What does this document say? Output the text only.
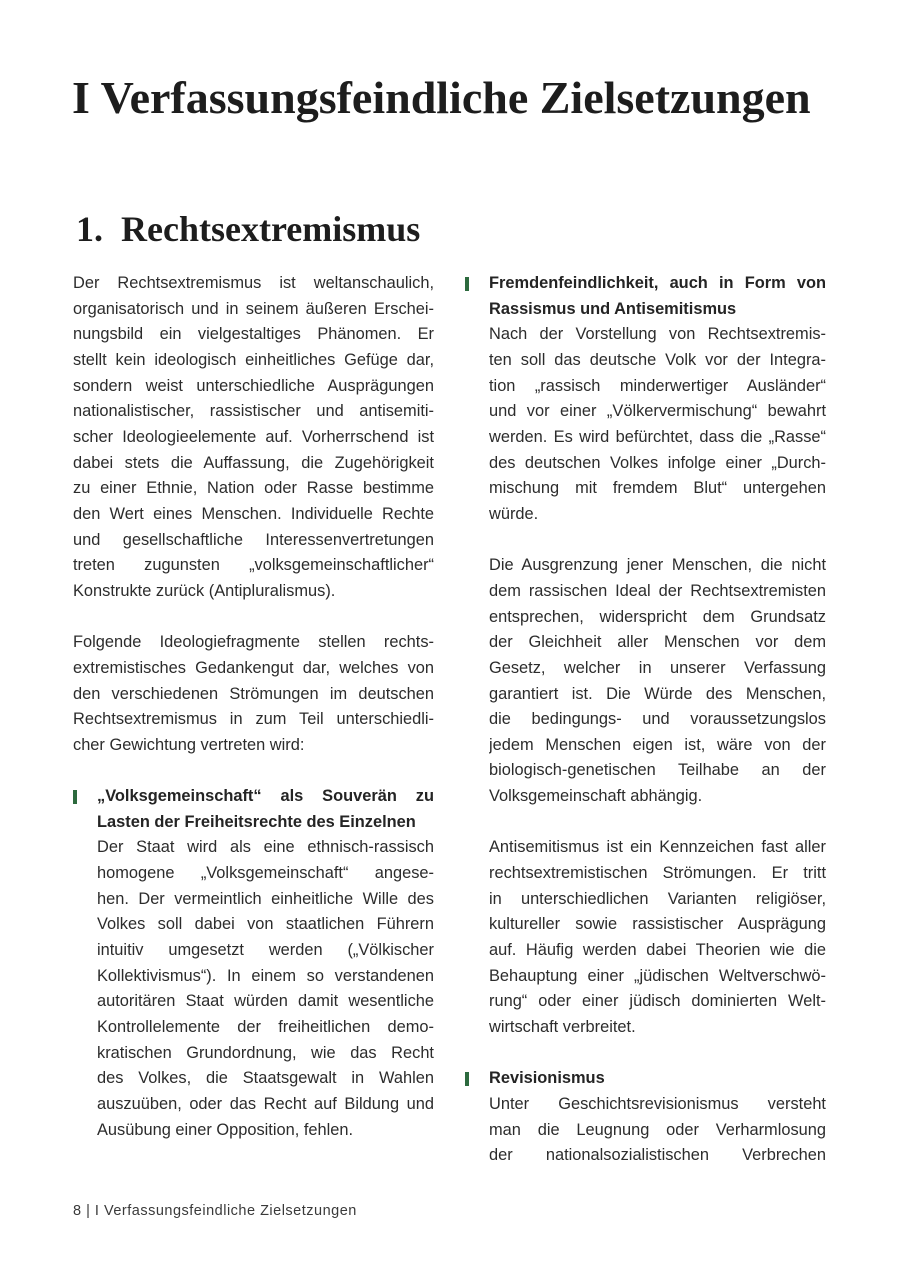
I Verfassungsfeindliche Zielsetzungen
1. Rechtsextremismus
Der Rechtsextremismus ist weltanschaulich,
organisatorisch und in seinem äußeren Erschei-
nungsbild ein vielgestaltiges Phänomen. Er
stellt kein ideologisch einheitliches Gefüge dar,
sondern weist unterschiedliche Ausprägungen
nationalistischer, rassistischer und antisemiti-
scher Ideologieelemente auf. Vorherrschend ist
dabei stets die Auffassung, die Zugehörigkeit
zu einer Ethnie, Nation oder Rasse bestimme
den Wert eines Menschen. Individuelle Rechte
und gesellschaftliche Interessenvertretungen
treten zugunsten „volksgemeinschaftlicher“
Konstrukte zurück (Antipluralismus).
Folgende Ideologiefragmente stellen rechts-
extremistisches Gedankengut dar, welches von
den verschiedenen Strömungen im deutschen
Rechtsextremismus in zum Teil unterschiedli-
cher Gewichtung vertreten wird:
„Volksgemeinschaft“ als Souverän zu
Lasten der Freiheitsrechte des Einzelnen
Der Staat wird als eine ethnisch-rassisch
homogene „Volksgemeinschaft“ angese-
hen. Der vermeintlich einheitliche Wille des
Volkes soll dabei von staatlichen Führern
intuitiv umgesetzt werden („Völkischer
Kollektivismus“). In einem so verstandenen
autoritären Staat würden damit wesentliche
Kontrollelemente der freiheitlichen demo-
kratischen Grundordnung, wie das Recht
des Volkes, die Staatsgewalt in Wahlen
auszuüben, oder das Recht auf Bildung und
Ausübung einer Opposition, fehlen.
Fremdenfeindlichkeit, auch in Form von
Rassismus und Antisemitismus
Nach der Vorstellung von Rechtsextremis-
ten soll das deutsche Volk vor der Integra-
tion „rassisch minderwertiger Ausländer“
und vor einer „Völkervermischung“ bewahrt
werden. Es wird befürchtet, dass die „Rasse“
des deutschen Volkes infolge einer „Durch-
mischung mit fremdem Blut“ untergehen
würde.
Die Ausgrenzung jener Menschen, die nicht
dem rassischen Ideal der Rechtsextremisten
entsprechen, widerspricht dem Grundsatz
der Gleichheit aller Menschen vor dem
Gesetz, welcher in unserer Verfassung
garantiert ist. Die Würde des Menschen,
die bedingungs- und voraussetzungslos
jedem Menschen eigen ist, wäre von der
biologisch-genetischen Teilhabe an der
Volksgemeinschaft abhängig.
Antisemitismus ist ein Kennzeichen fast aller
rechtsextremistischen Strömungen. Er tritt
in unterschiedlichen Varianten religiöser,
kultureller sowie rassistischer Ausprägung
auf. Häufig werden dabei Theorien wie die
Behauptung einer „jüdischen Weltverschwö-
rung“ oder einer jüdisch dominierten Welt-
wirtschaft verbreitet.
Revisionismus
Unter Geschichtsrevisionismus versteht
man die Leugnung oder Verharmlosung
der nationalsozialistischen Verbrechen
8 | I Verfassungsfeindliche Zielsetzungen
